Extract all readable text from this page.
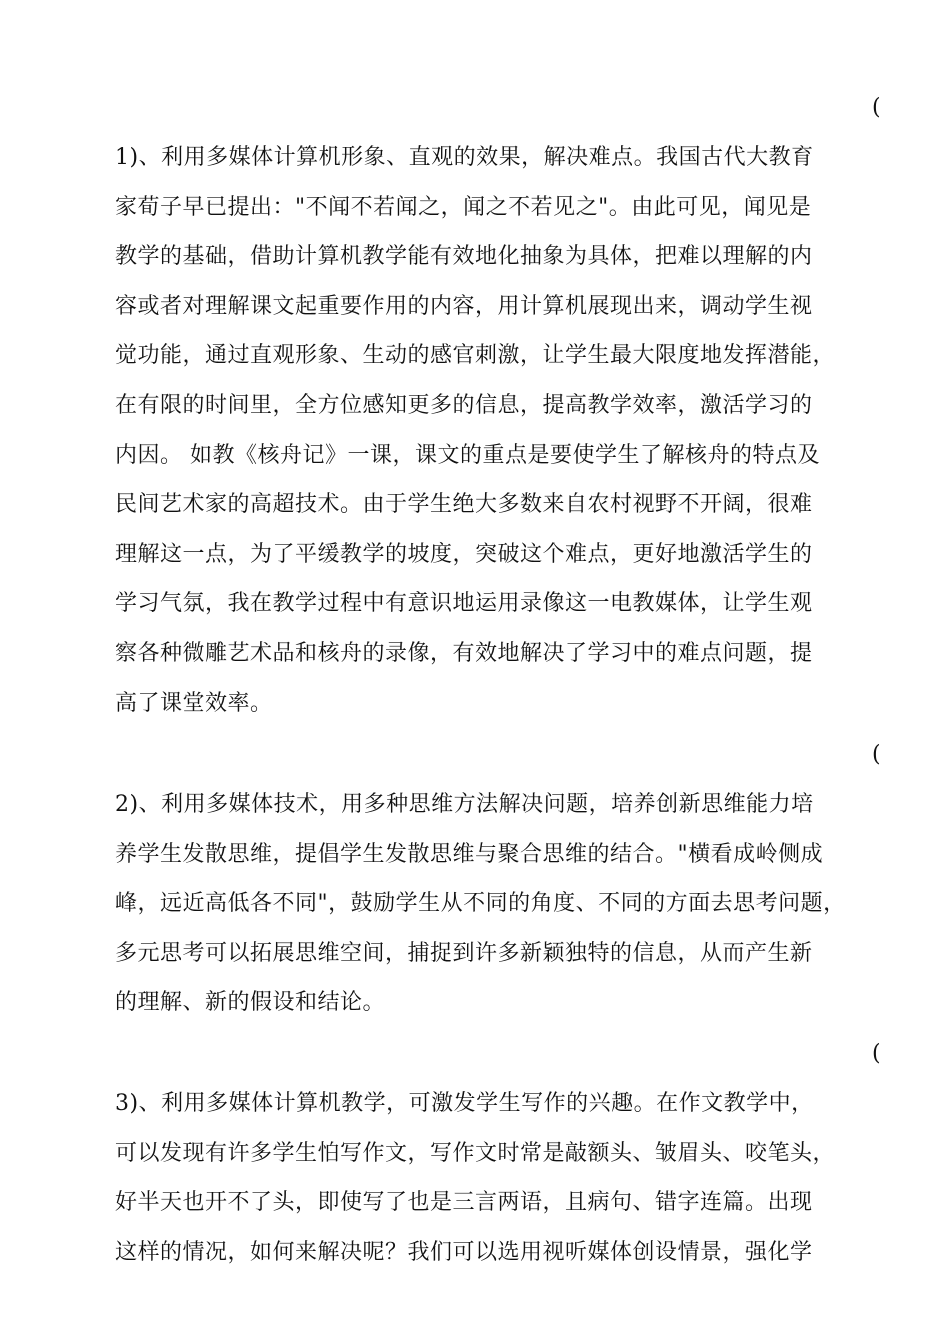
(
1)、利用多媒体计算机形象、直观的效果，解决难点。我国古代大教育
家荀子早已提出："不闻不若闻之，闻之不若见之"。由此可见，闻见是
教学的基础，借助计算机教学能有效地化抽象为具体，把难以理解的内
容或者对理解课文起重要作用的内容，用计算机展现出来，调动学生视
觉功能，通过直观形象、生动的感官刺激，让学生最大限度地发挥潜能，
在有限的时间里，全方位感知更多的信息，提高教学效率，激活学习的
内因。 如教《核舟记》一课，课文的重点是要使学生了解核舟的特点及
民间艺术家的高超技术。由于学生绝大多数来自农村视野不开阔，很难
理解这一点，为了平缓教学的坡度，突破这个难点，更好地激活学生的
学习气氛，我在教学过程中有意识地运用录像这一电教媒体，让学生观
察各种微雕艺术品和核舟的录像，有效地解决了学习中的难点问题，提
高了课堂效率。
(
2)、利用多媒体技术，用多种思维方法解决问题，培养创新思维能力培
养学生发散思维，提倡学生发散思维与聚合思维的结合。"横看成岭侧成
峰，远近高低各不同"，鼓励学生从不同的角度、不同的方面去思考问题，
多元思考可以拓展思维空间，捕捉到许多新颖独特的信息，从而产生新
的理解、新的假设和结论。
(
3)、利用多媒体计算机教学，可激发学生写作的兴趣。在作文教学中，
可以发现有许多学生怕写作文，写作文时常是敲额头、皱眉头、咬笔头，
好半天也开不了头，即使写了也是三言两语，且病句、错字连篇。出现
这样的情况，如何来解决呢？我们可以选用视听媒体创设情景，强化学
